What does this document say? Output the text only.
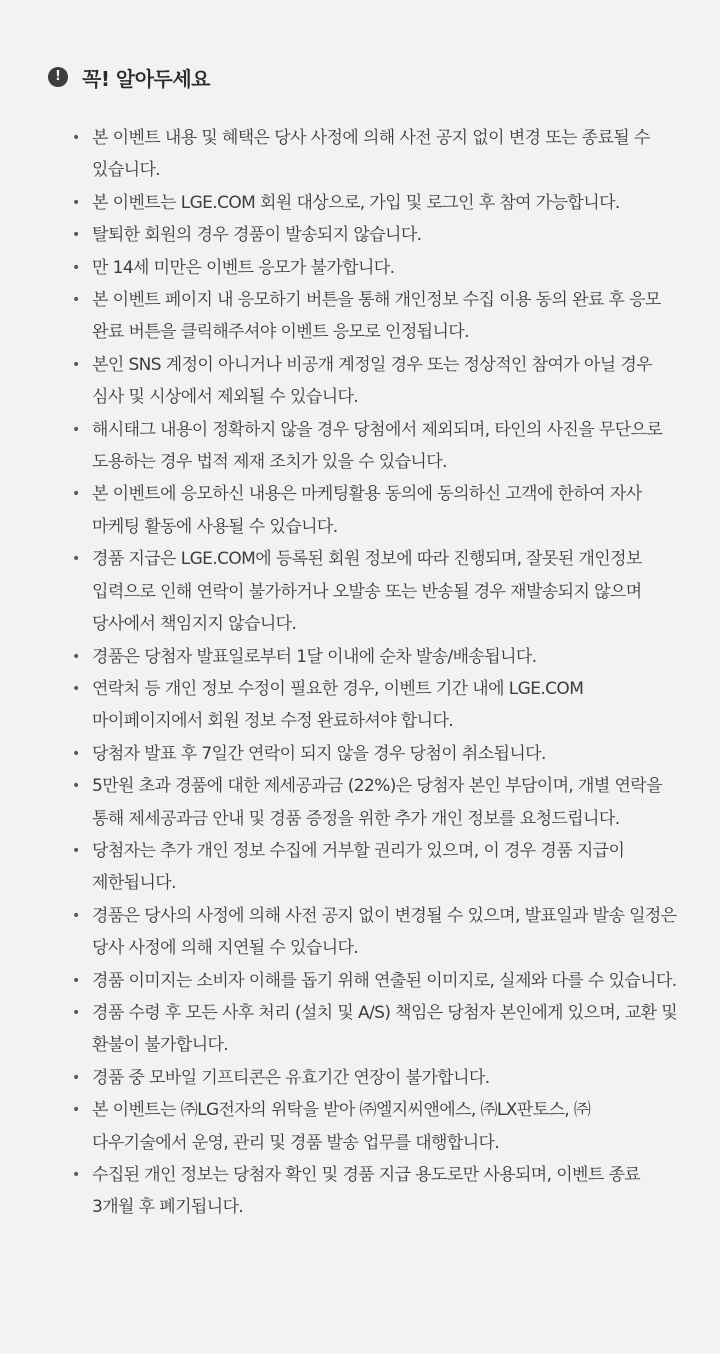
!	꼭! 알아두세요
• 본 이벤트 내용 및 혜택은 당사 사정에 의해 사전 공지 없이 변경 또는 종료될 수 있습니다.
• 본 이벤트는 LGE.COM 회원 대상으로, 가입 및 로그인 후 참여 가능합니다.
• 탈퇴한 회원의 경우 경품이 발송되지 않습니다.
• 만 14세 미만은 이벤트 응모가 불가합니다.
• 본 이벤트 페이지 내 응모하기 버튼을 통해 개인정보 수집 이용 동의 완료 후 응모 완료 버튼을 클릭해주셔야 이벤트 응모로 인정됩니다.
• 본인 SNS 계정이 아니거나 비공개 계정일 경우 또는 정상적인 참여가 아닐 경우 심사 및 시상에서 제외될 수 있습니다.
• 해시태그 내용이 정확하지 않을 경우 당첨에서 제외되며, 타인의 사진을 무단으로 도용하는 경우 법적 제재 조치가 있을 수 있습니다.
• 본 이벤트에 응모하신 내용은 마케팅활용 동의에 동의하신 고객에 한하여 자사 마케팅 활동에 사용될 수 있습니다.
• 경품 지급은 LGE.COM에 등록된 회원 정보에 따라 진행되며, 잘못된 개인정보 입력으로 인해 연락이 불가하거나 오발송 또는 반송될 경우 재발송되지 않으며 당사에서 책임지지 않습니다.
• 경품은 당첨자 발표일로부터 1달 이내에 순차 발송/배송됩니다.
• 연락처 등 개인 정보 수정이 필요한 경우, 이벤트 기간 내에 LGE.COM 마이페이지에서 회원 정보 수정 완료하셔야 합니다.
• 당첨자 발표 후 7일간 연락이 되지 않을 경우 당첨이 취소됩니다.
• 5만원 초과 경품에 대한 제세공과금 (22%)은 당첨자 본인 부담이며, 개별 연락을 통해 제세공과금 안내 및 경품 증정을 위한 추가 개인 정보를 요청드립니다.
• 당첨자는 추가 개인 정보 수집에 거부할 권리가 있으며, 이 경우 경품 지급이 제한됩니다.
• 경품은 당사의 사정에 의해 사전 공지 없이 변경될 수 있으며, 발표일과 발송 일정은 당사 사정에 의해 지연될 수 있습니다.
• 경품 이미지는 소비자 이해를 돕기 위해 연출된 이미지로, 실제와 다를 수 있습니다.
• 경품 수령 후 모든 사후 처리 (설치 및 A/S) 책임은 당첨자 본인에게 있으며, 교환 및 환불이 불가합니다.
• 경품 중 모바일 기프티콘은 유효기간 연장이 불가합니다.
• 본 이벤트는 ㈜LG전자의 위탁을 받아 ㈜엘지씨앤에스, ㈜LX판토스, ㈜다우기술에서 운영, 관리 및 경품 발송 업무를 대행합니다.
• 수집된 개인 정보는 당첨자 확인 및 경품 지급 용도로만 사용되며, 이벤트 종료 3개월 후 폐기됩니다.
